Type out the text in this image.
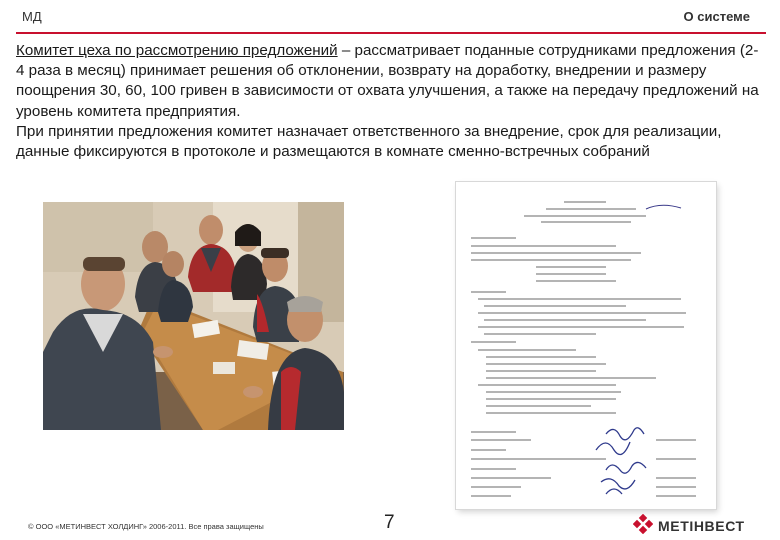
МД	О системе

Комитет цеха по рассмотрению предложений – рассматривает поданные сотрудниками предложения (2-4 раза в месяц) принимает решения об отклонении, возврату на доработку, внедрении и размеру поощрения 30, 60, 100 гривен в зависимости от охвата улучшения, а также на передачу предложений на уровень комитета предприятия.

При принятии предложения комитет назначает ответственного за внедрение, срок для реализации, данные фиксируются в протоколе и размещаются в комнате сменно-встречных собраний

© ООО «МЕТИНВЕСТ ХОЛДИНГ» 2006-2011. Все права защищены	7	МЕТІНВЕСТ
